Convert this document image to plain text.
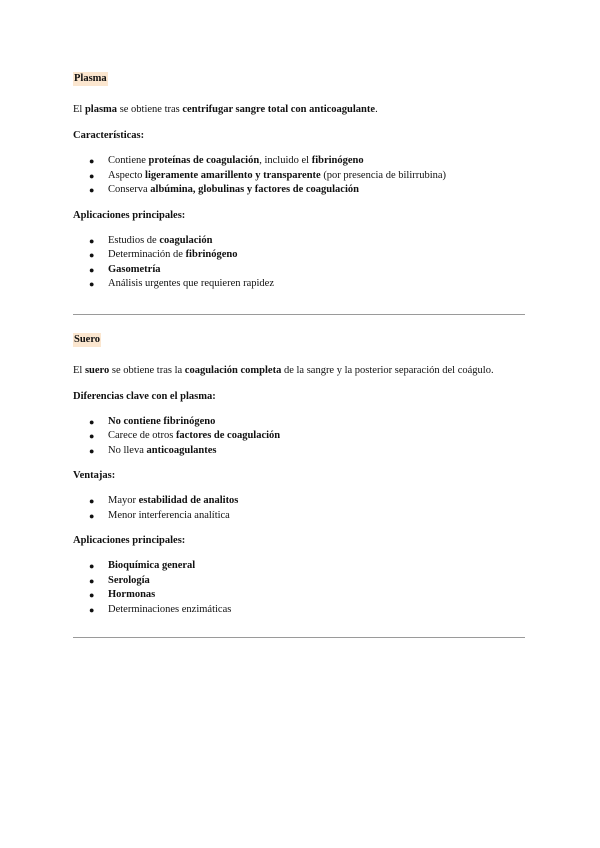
Plasma

El plasma se obtiene tras centrifugar sangre total con anticoagulante.

Características:

● Contiene proteínas de coagulación, incluido el fibrinógeno
● Aspecto ligeramente amarillento y transparente (por presencia de bilirrubina)
● Conserva albúmina, globulinas y factores de coagulación

Aplicaciones principales:

● Estudios de coagulación
● Determinación de fibrinógeno
● Gasometría
● Análisis urgentes que requieren rapidez
Suero

El suero se obtiene tras la coagulación completa de la sangre y la posterior separación del coágulo.

Diferencias clave con el plasma:

● No contiene fibrinógeno
● Carece de otros factores de coagulación
● No lleva anticoagulantes

Ventajas:

● Mayor estabilidad de analitos
● Menor interferencia analítica

Aplicaciones principales:

● Bioquímica general
● Serología
● Hormonas
● Determinaciones enzimáticas
